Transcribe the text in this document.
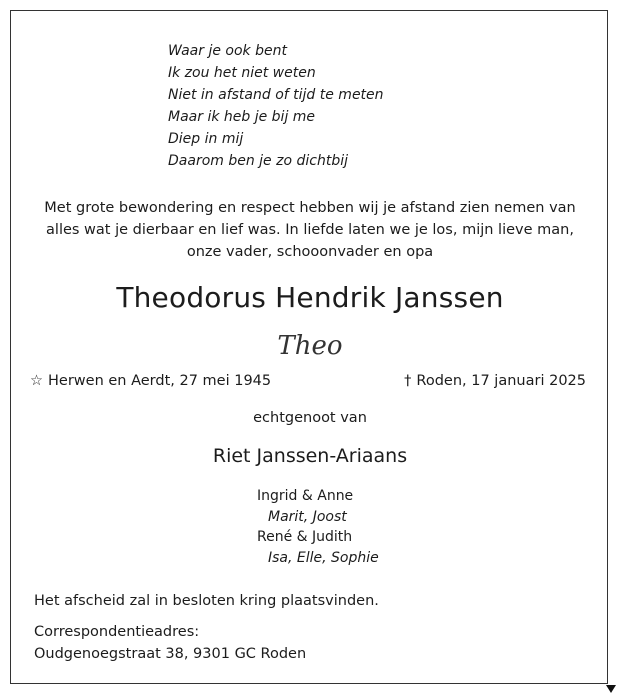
Waar je ook bent
Ik zou het niet weten
Niet in afstand of tijd te meten
Maar ik heb je bij me
Diep in mij
Daarom ben je zo dichtbij
Met grote bewondering en respect hebben wij je afstand zien nemen van
alles wat je dierbaar en lief was. In liefde laten we je los, mijn lieve man,
onze vader, schooonvader en opa
Theodorus Hendrik Janssen
Theo
☆ Herwen en Aerdt, 27 mei 1945	† Roden, 17 januari 2025
echtgenoot van
Riet Janssen-Ariaans
Ingrid & Anne
Marit, Joost
René & Judith
Isa, Elle, Sophie
Het afscheid zal in besloten kring plaatsvinden.
Correspondentieadres:
Oudgenoegstraat 38, 9301 GC Roden
